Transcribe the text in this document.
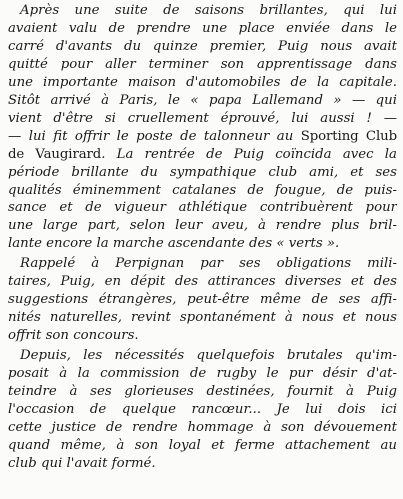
Après une suite de saisons brillantes, qui lui
avaient valu de prendre une place enviée dans le
carré d'avants du quinze premier, Puig nous avait
quitté pour aller terminer son apprentissage dans
une importante maison d'automobiles de la capitale.
Sitôt arrivé à Paris, le « papa Lallemand » — qui
vient d'être si cruellement éprouvé, lui aussi ! —
— lui fit offrir le poste de talonneur au Sporting Club
de Vaugirard. La rentrée de Puig coïncida avec la
période brillante du sympathique club ami, et ses
qualités éminemment catalanes de fougue, de puis-
sance et de vigueur athlétique contribuèrent pour
une large part, selon leur aveu, à rendre plus bril-
lante encore la marche ascendante des « verts ».

Rappelé à Perpignan par ses obligations mili-
taires, Puig, en dépit des attirances diverses et des
suggestions étrangères, peut-être même de ses affi-
nités naturelles, revint spontanément à nous et nous
offrit son concours.

Depuis, les nécessités quelquefois brutales qu'im-
posait à la commission de rugby le pur désir d'at-
teindre à ses glorieuses destinées, fournit à Puig
l'occasion de quelque rancœur... Je lui dois ici
cette justice de rendre hommage à son dévouement
quand même, à son loyal et ferme attachement au
club qui l'avait formé.
